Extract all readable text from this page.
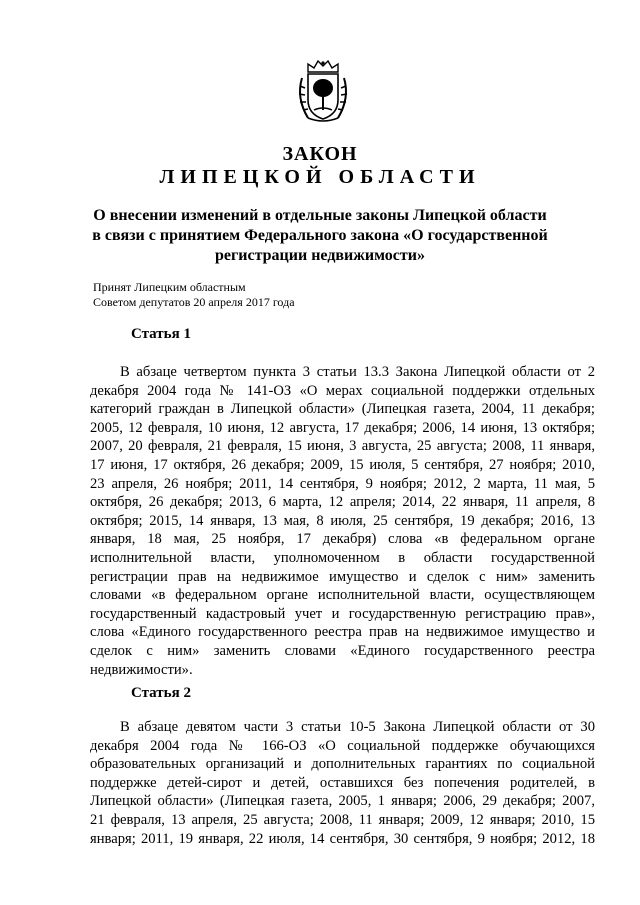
ЗАКОН
ЛИПЕЦКОЙ ОБЛАСТИ
О внесении изменений в отдельные законы Липецкой области
в связи с принятием Федерального закона «О государственной
регистрации недвижимости»
Принят Липецким областным
Советом депутатов 20 апреля 2017 года
Статья 1
В абзаце четвертом пункта 3 статьи 13.3 Закона Липецкой области от 2
декабря 2004 года № 141-ОЗ «О мерах социальной поддержки отдельных
категорий граждан в Липецкой области» (Липецкая газета, 2004, 11 декабря;
2005, 12 февраля, 10 июня, 12 августа, 17 декабря; 2006, 14 июня, 13 октября;
2007, 20 февраля, 21 февраля, 15 июня, 3 августа, 25 августа; 2008, 11 января,
17 июня, 17 октября, 26 декабря; 2009, 15 июля, 5 сентября, 27 ноября; 2010,
23 апреля, 26 ноября; 2011, 14 сентября, 9 ноября; 2012, 2 марта, 11 мая, 5
октября, 26 декабря; 2013, 6 марта, 12 апреля; 2014, 22 января, 11 апреля, 8
октября; 2015, 14 января, 13 мая, 8 июля, 25 сентября, 19 декабря; 2016, 13
января, 18 мая, 25 ноября, 17 декабря) слова «в федеральном органе
исполнительной власти, уполномоченном в области государственной
регистрации прав на недвижимое имущество и сделок с ним» заменить
словами «в федеральном органе исполнительной власти, осуществляющем
государственный кадастровый учет и государственную регистрацию прав»,
слова «Единого государственного реестра прав на недвижимое имущество и
сделок с ним» заменить словами «Единого государственного реестра
недвижимости».
Статья 2
В абзаце девятом части 3 статьи 10-5 Закона Липецкой области от 30
декабря 2004 года № 166-ОЗ «О социальной поддержке обучающихся
образовательных организаций и дополнительных гарантиях по социальной
поддержке детей-сирот и детей, оставшихся без попечения родителей, в
Липецкой области» (Липецкая газета, 2005, 1 января; 2006, 29 декабря; 2007,
21 февраля, 13 апреля, 25 августа; 2008, 11 января; 2009, 12 января; 2010, 15
января; 2011, 19 января, 22 июля, 14 сентября, 30 сентября, 9 ноября; 2012, 18
